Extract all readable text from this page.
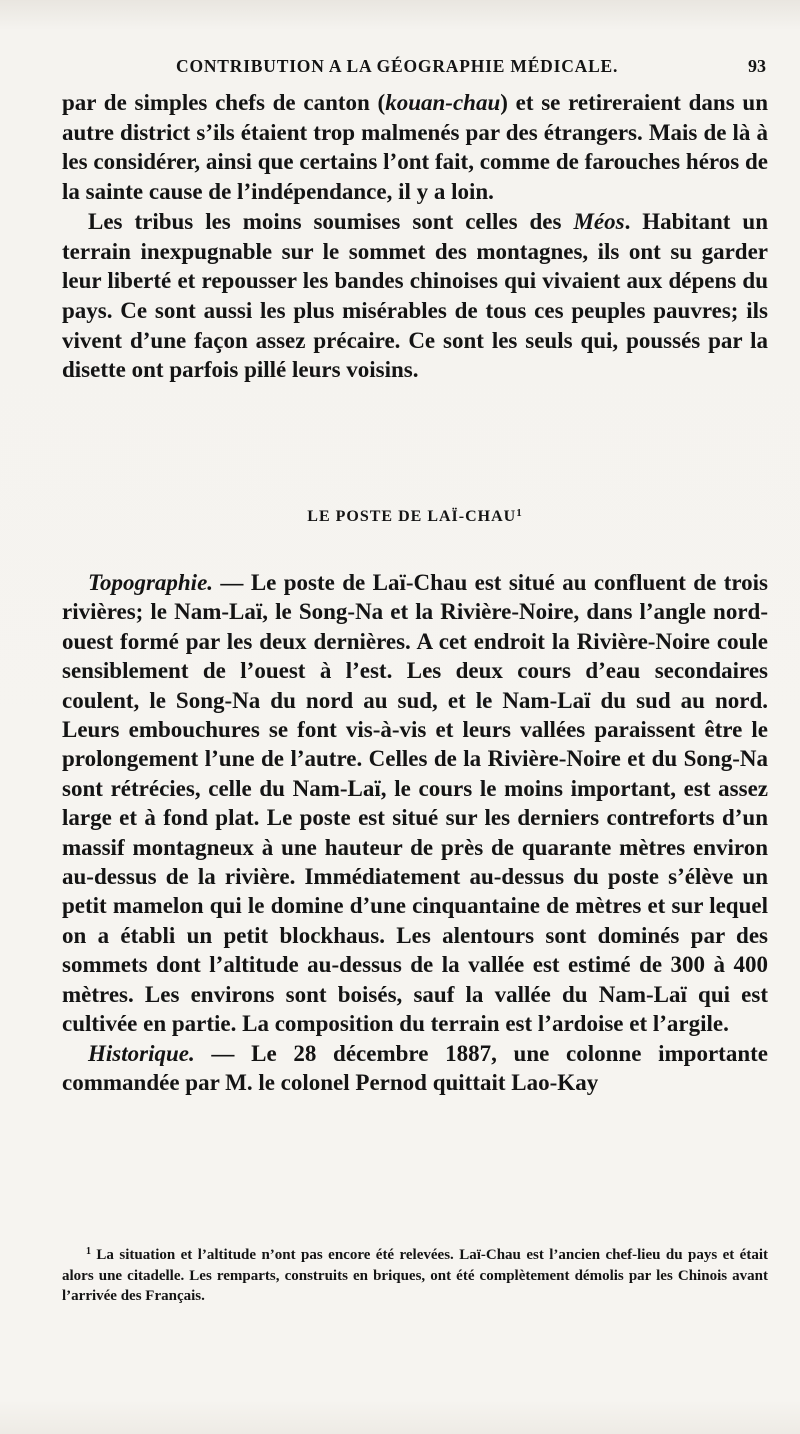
CONTRIBUTION A LA GÉOGRAPHIE MÉDICALE.	93

par de simples chefs de canton (kouan-chau) et se retireraient dans un autre district s’ils étaient trop malmenés par des étrangers. Mais de là à les considérer, ainsi que certains l’ont fait, comme de farouches héros de la sainte cause de l’indépendance, il y a loin.

Les tribus les moins soumises sont celles des Méos. Habitant un terrain inexpugnable sur le sommet des montagnes, ils ont su garder leur liberté et repousser les bandes chinoises qui vivaient aux dépens du pays. Ce sont aussi les plus misérables de tous ces peuples pauvres; ils vivent d’une façon assez précaire. Ce sont les seuls qui, poussés par la disette ont parfois pillé leurs voisins.

LE POSTE DE LAÏ-CHAU$^1$

Topographie. — Le poste de Laï-Chau est situé au confluent de trois rivières; le Nam-Laï, le Song-Na et la Rivière-Noire, dans l’angle nord-ouest formé par les deux dernières. A cet endroit la Rivière-Noire coule sensiblement de l’ouest à l’est. Les deux cours d’eau secondaires coulent, le Song-Na du nord au sud, et le Nam-Laï du sud au nord. Leurs embouchures se font vis-à-vis et leurs vallées paraissent être le prolongement l’une de l’autre. Celles de la Rivière-Noire et du Song-Na sont rétrécies, celle du Nam-Laï, le cours le moins important, est assez large et à fond plat. Le poste est situé sur les derniers contreforts d’un massif montagneux à une hauteur de près de quarante mètres environ au-dessus de la rivière. Immédiatement au-dessus du poste s’élève un petit mamelon qui le domine d’une cinquantaine de mètres et sur lequel on a établi un petit blockhaus. Les alentours sont dominés par des sommets dont l’altitude au-dessus de la vallée est estimé de 300 à 400 mètres. Les environs sont boisés, sauf la vallée du Nam-Laï qui est cultivée en partie. La composition du terrain est l’ardoise et l’argile.

Historique. — Le 28 décembre 1887, une colonne importante commandée par M. le colonel Pernod quittait Lao-Kay

$^1$ La situation et l’altitude n’ont pas encore été relevées. Laï-Chau est l’ancien chef-lieu du pays et était alors une citadelle. Les remparts, construits en briques, ont été complètement démolis par les Chinois avant l’arrivée des Français.
